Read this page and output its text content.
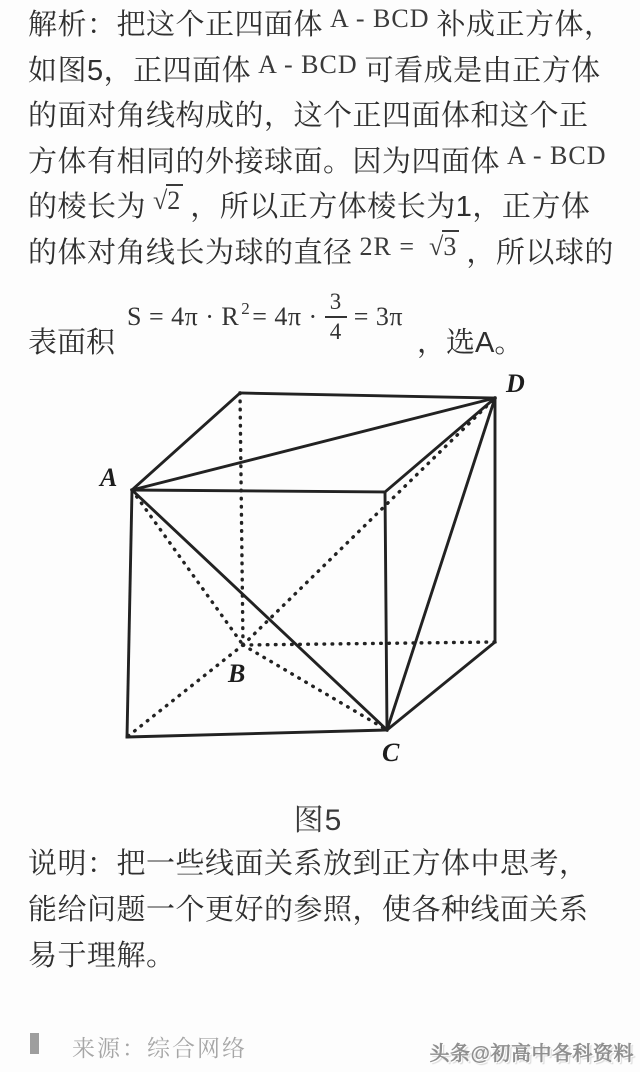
解析：把这个正四面体 A - BCD 补成正方体，
如图5，正四面体 A - BCD 可看成是由正方体
的面对角线构成的，这个正四面体和这个正
方体有相同的外接球面。因为四面体 A - BCD
的棱长为 √2 ，所以正方体棱长为1，正方体
的体对角线长为球的直径 2R = √3 ，所以球的
表面积
$S = 4\pi \cdot R^2 = 4\pi \cdot \frac{3}{4} = 3\pi$
，选A。
A
D
B
C
图5
说明：把一些线面关系放到正方体中思考，
能给问题一个更好的参照，使各种线面关系
易于理解。
来源：综合网络	头条@初高中各科资料
